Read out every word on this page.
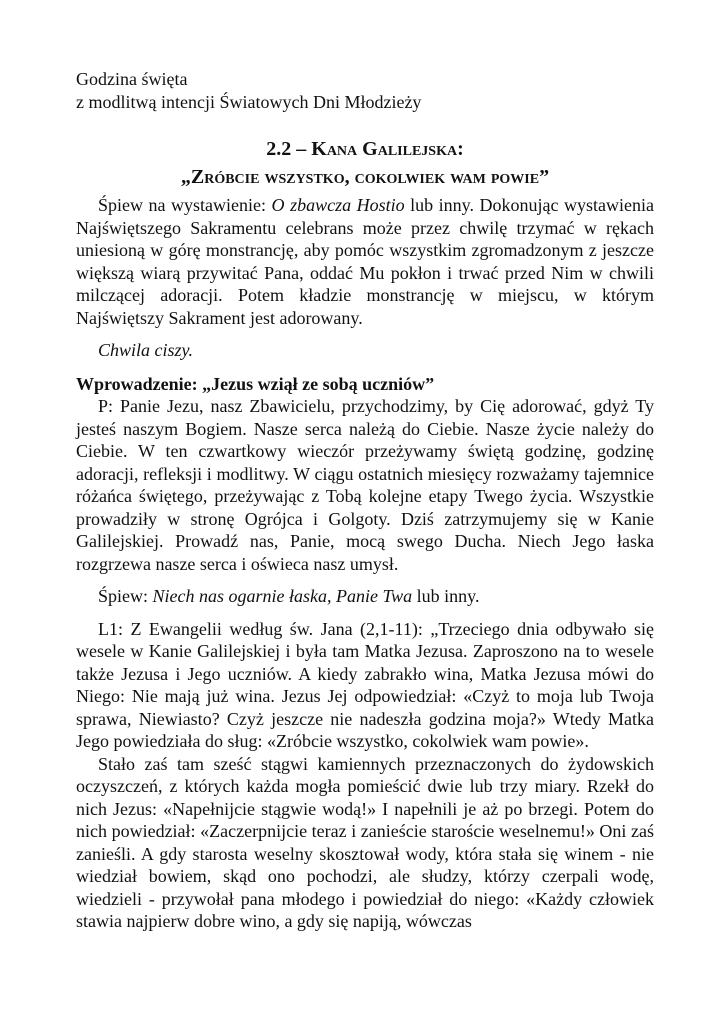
Godzina święta
z modlitwą intencji Światowych Dni Młodzieży
2.2 – Kana Galilejska:
„Zróbcie wszystko, cokolwiek wam powie”

Śpiew na wystawienie: O zbawcza Hostio lub inny. Dokonując wystawienia Najświętszego Sakramentu celebrans może przez chwilę trzymać w rękach uniesioną w górę monstrancję, aby pomóc wszystkim zgromadzonym z jeszcze większą wiarą przywitać Pana, oddać Mu pokłon i trwać przed Nim w chwili milczącej adoracji. Potem kładzie monstrancję w miejscu, w którym Najświętszy Sakrament jest adorowany.

Chwila ciszy.

Wprowadzenie: „Jezus wziął ze sobą uczniów”

P: Panie Jezu, nasz Zbawicielu, przychodzimy, by Cię adorować, gdyż Ty jesteś naszym Bogiem. Nasze serca należą do Ciebie. Nasze życie należy do Ciebie. W ten czwartkowy wieczór przeżywamy świętą godzinę, godzinę adoracji, refleksji i modlitwy. W ciągu ostatnich miesięcy rozważamy tajemnice różańca świętego, przeżywając z Tobą kolejne etapy Twego życia. Wszystkie prowadziły w stronę Ogrójca i Golgoty. Dziś zatrzymujemy się w Kanie Galilejskiej. Prowadź nas, Panie, mocą swego Ducha. Niech Jego łaska rozgrzewa nasze serca i oświeca nasz umysł.

Śpiew: Niech nas ogarnie łaska, Panie Twa lub inny.

L1: Z Ewangelii według św. Jana (2,1-11): „Trzeciego dnia odbywało się wesele w Kanie Galilejskiej i była tam Matka Jezusa. Zaproszono na to wesele także Jezusa i Jego uczniów. A kiedy zabrakło wina, Matka Jezusa mówi do Niego: Nie mają już wina. Jezus Jej odpowiedział: «Czyż to moja lub Twoja sprawa, Niewiasto? Czyż jeszcze nie nadeszła godzina moja?» Wtedy Matka Jego powiedziała do sług: «Zróbcie wszystko, cokolwiek wam powie».

Stało zaś tam sześć stągwi kamiennych przeznaczonych do żydowskich oczyszczeń, z których każda mogła pomieścić dwie lub trzy miary. Rzekł do nich Jezus: «Napełnijcie stągwie wodą!» I napełnili je aż po brzegi. Potem do nich powiedział: «Zaczerpnijcie teraz i zanieście staroście weselnemu!» Oni zaś zanieśli. A gdy starosta weselny skosztował wody, która stała się winem - nie wiedział bowiem, skąd ono pochodzi, ale słudzy, którzy czerpali wodę, wiedzieli - przywołał pana młodego i powiedział do niego: «Każdy człowiek stawia najpierw dobre wino, a gdy się napiją, wówczas
